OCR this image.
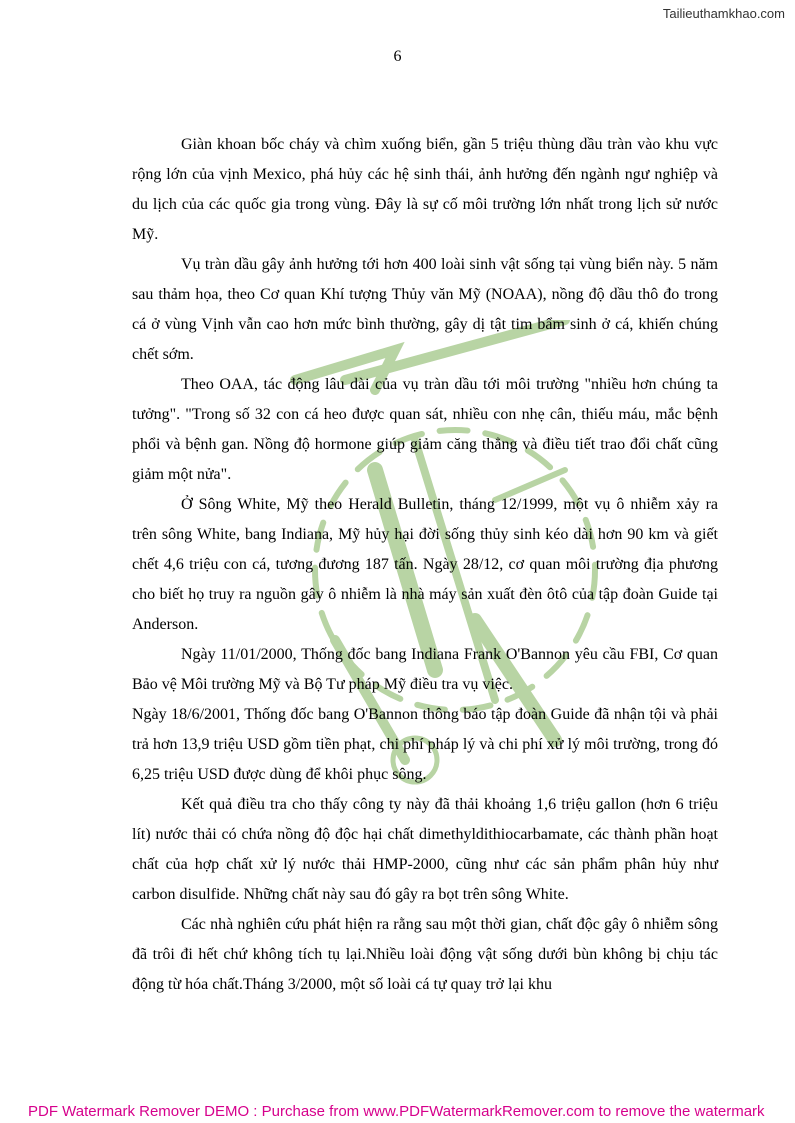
Tailieuthamkhao.com
6

Giàn khoan bốc cháy và chìm xuống biển, gần 5 triệu thùng dầu tràn vào khu vực rộng lớn của vịnh Mexico, phá hủy các hệ sinh thái, ảnh hưởng đến ngành ngư nghiệp và du lịch của các quốc gia trong vùng. Đây là sự cố môi trường lớn nhất trong lịch sử nước Mỹ.

Vụ tràn dầu gây ảnh hưởng tới hơn 400 loài sinh vật sống tại vùng biển này. 5 năm sau thảm họa, theo Cơ quan Khí tượng Thủy văn Mỹ (NOAA), nồng độ dầu thô đo trong cá ở vùng Vịnh vẫn cao hơn mức bình thường, gây dị tật tim bẩm sinh ở cá, khiến chúng chết sớm.

Theo OAA, tác động lâu dài của vụ tràn dầu tới môi trường "nhiều hơn chúng ta tưởng". "Trong số 32 con cá heo được quan sát, nhiều con nhẹ cân, thiếu máu, mắc bệnh phổi và bệnh gan. Nồng độ hormone giúp giảm căng thẳng và điều tiết trao đổi chất cũng giảm một nửa".

Ở Sông White, Mỹ theo Herald Bulletin, tháng 12/1999, một vụ ô nhiễm xảy ra trên sông White, bang Indiana, Mỹ hủy hại đời sống thủy sinh kéo dài hơn 90 km và giết chết 4,6 triệu con cá, tương đương 187 tấn. Ngày 28/12, cơ quan môi trường địa phương cho biết họ truy ra nguồn gây ô nhiễm là nhà máy sản xuất đèn ôtô của tập đoàn Guide tại Anderson.

Ngày 11/01/2000, Thống đốc bang Indiana Frank O'Bannon yêu cầu FBI, Cơ quan Bảo vệ Môi trường Mỹ và Bộ Tư pháp Mỹ điều tra vụ việc.

Ngày 18/6/2001, Thống đốc bang O'Bannon thông báo tập đoàn Guide đã nhận tội và phải trả hơn 13,9 triệu USD gồm tiền phạt, chi phí pháp lý và chi phí xử lý môi trường, trong đó 6,25 triệu USD được dùng để khôi phục sông.

Kết quả điều tra cho thấy công ty này đã thải khoảng 1,6 triệu gallon (hơn 6 triệu lít) nước thải có chứa nồng độ độc hại chất dimethyldithiocarbamate, các thành phần hoạt chất của hợp chất xử lý nước thải HMP-2000, cũng như các sản phẩm phân hủy như carbon disulfide. Những chất này sau đó gây ra bọt trên sông White.

Các nhà nghiên cứu phát hiện ra rằng sau một thời gian, chất độc gây ô nhiễm sông đã trôi đi hết chứ không tích tụ lại.Nhiều loài động vật sống dưới bùn không bị chịu tác động từ hóa chất.Tháng 3/2000, một số loài cá tự quay trở lại khu

PDF Watermark Remover DEMO : Purchase from www.PDFWatermarkRemover.com to remove the watermark
